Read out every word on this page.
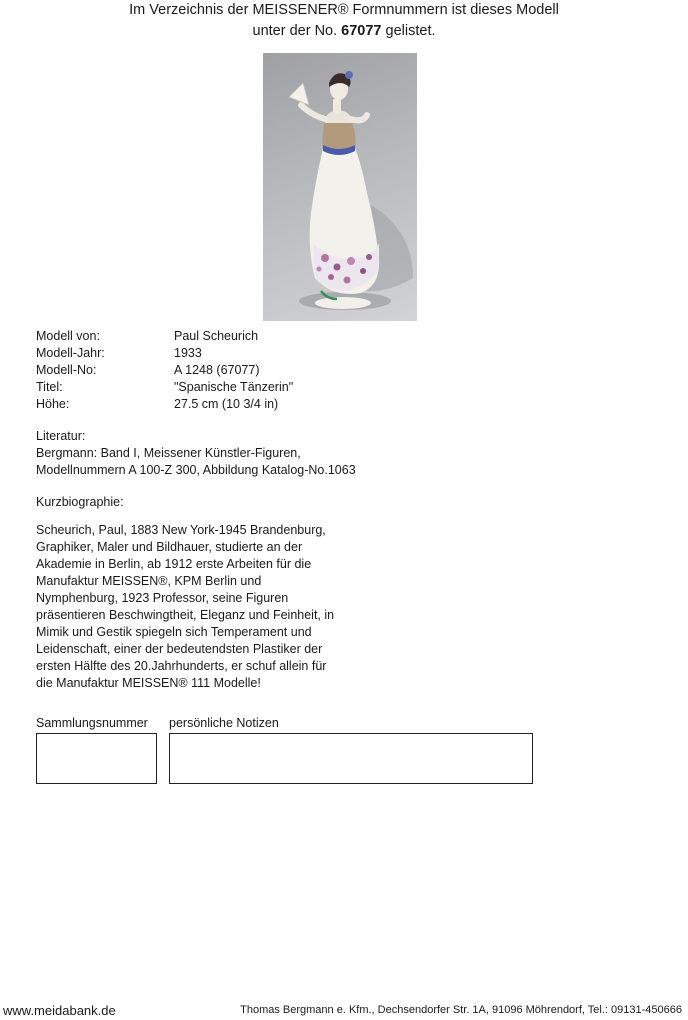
Im Verzeichnis der MEISSENER® Formnummern ist dieses Modell
unter der No. 67077 gelistet.
Modell von:	Paul Scheurich
Modell-Jahr:	1933
Modell-No:	A 1248 (67077)
Titel:	"Spanische Tänzerin"
Höhe:	27.5 cm (10 3/4 in)
Literatur:
Bergmann: Band I, Meissener Künstler-Figuren,
Modellnummern A 100-Z 300, Abbildung Katalog-No.1063
Kurzbiographie:
Scheurich, Paul, 1883 New York-1945 Brandenburg,
Graphiker, Maler und Bildhauer, studierte an der
Akademie in Berlin, ab 1912 erste Arbeiten für die
Manufaktur MEISSEN®, KPM Berlin und
Nymphenburg, 1923 Professor, seine Figuren
präsentieren Beschwingtheit, Eleganz und Feinheit, in
Mimik und Gestik spiegeln sich Temperament und
Leidenschaft, einer der bedeutendsten Plastiker der
ersten Hälfte des 20.Jahrhunderts, er schuf allein für
die Manufaktur MEISSEN® 111 Modelle!
Sammlungsnummer persönliche Notizen
www.meidabank.de	Thomas Bergmann e. Kfm., Dechsendorfer Str. 1A, 91096 Möhrendorf, Tel.: 09131-450666
